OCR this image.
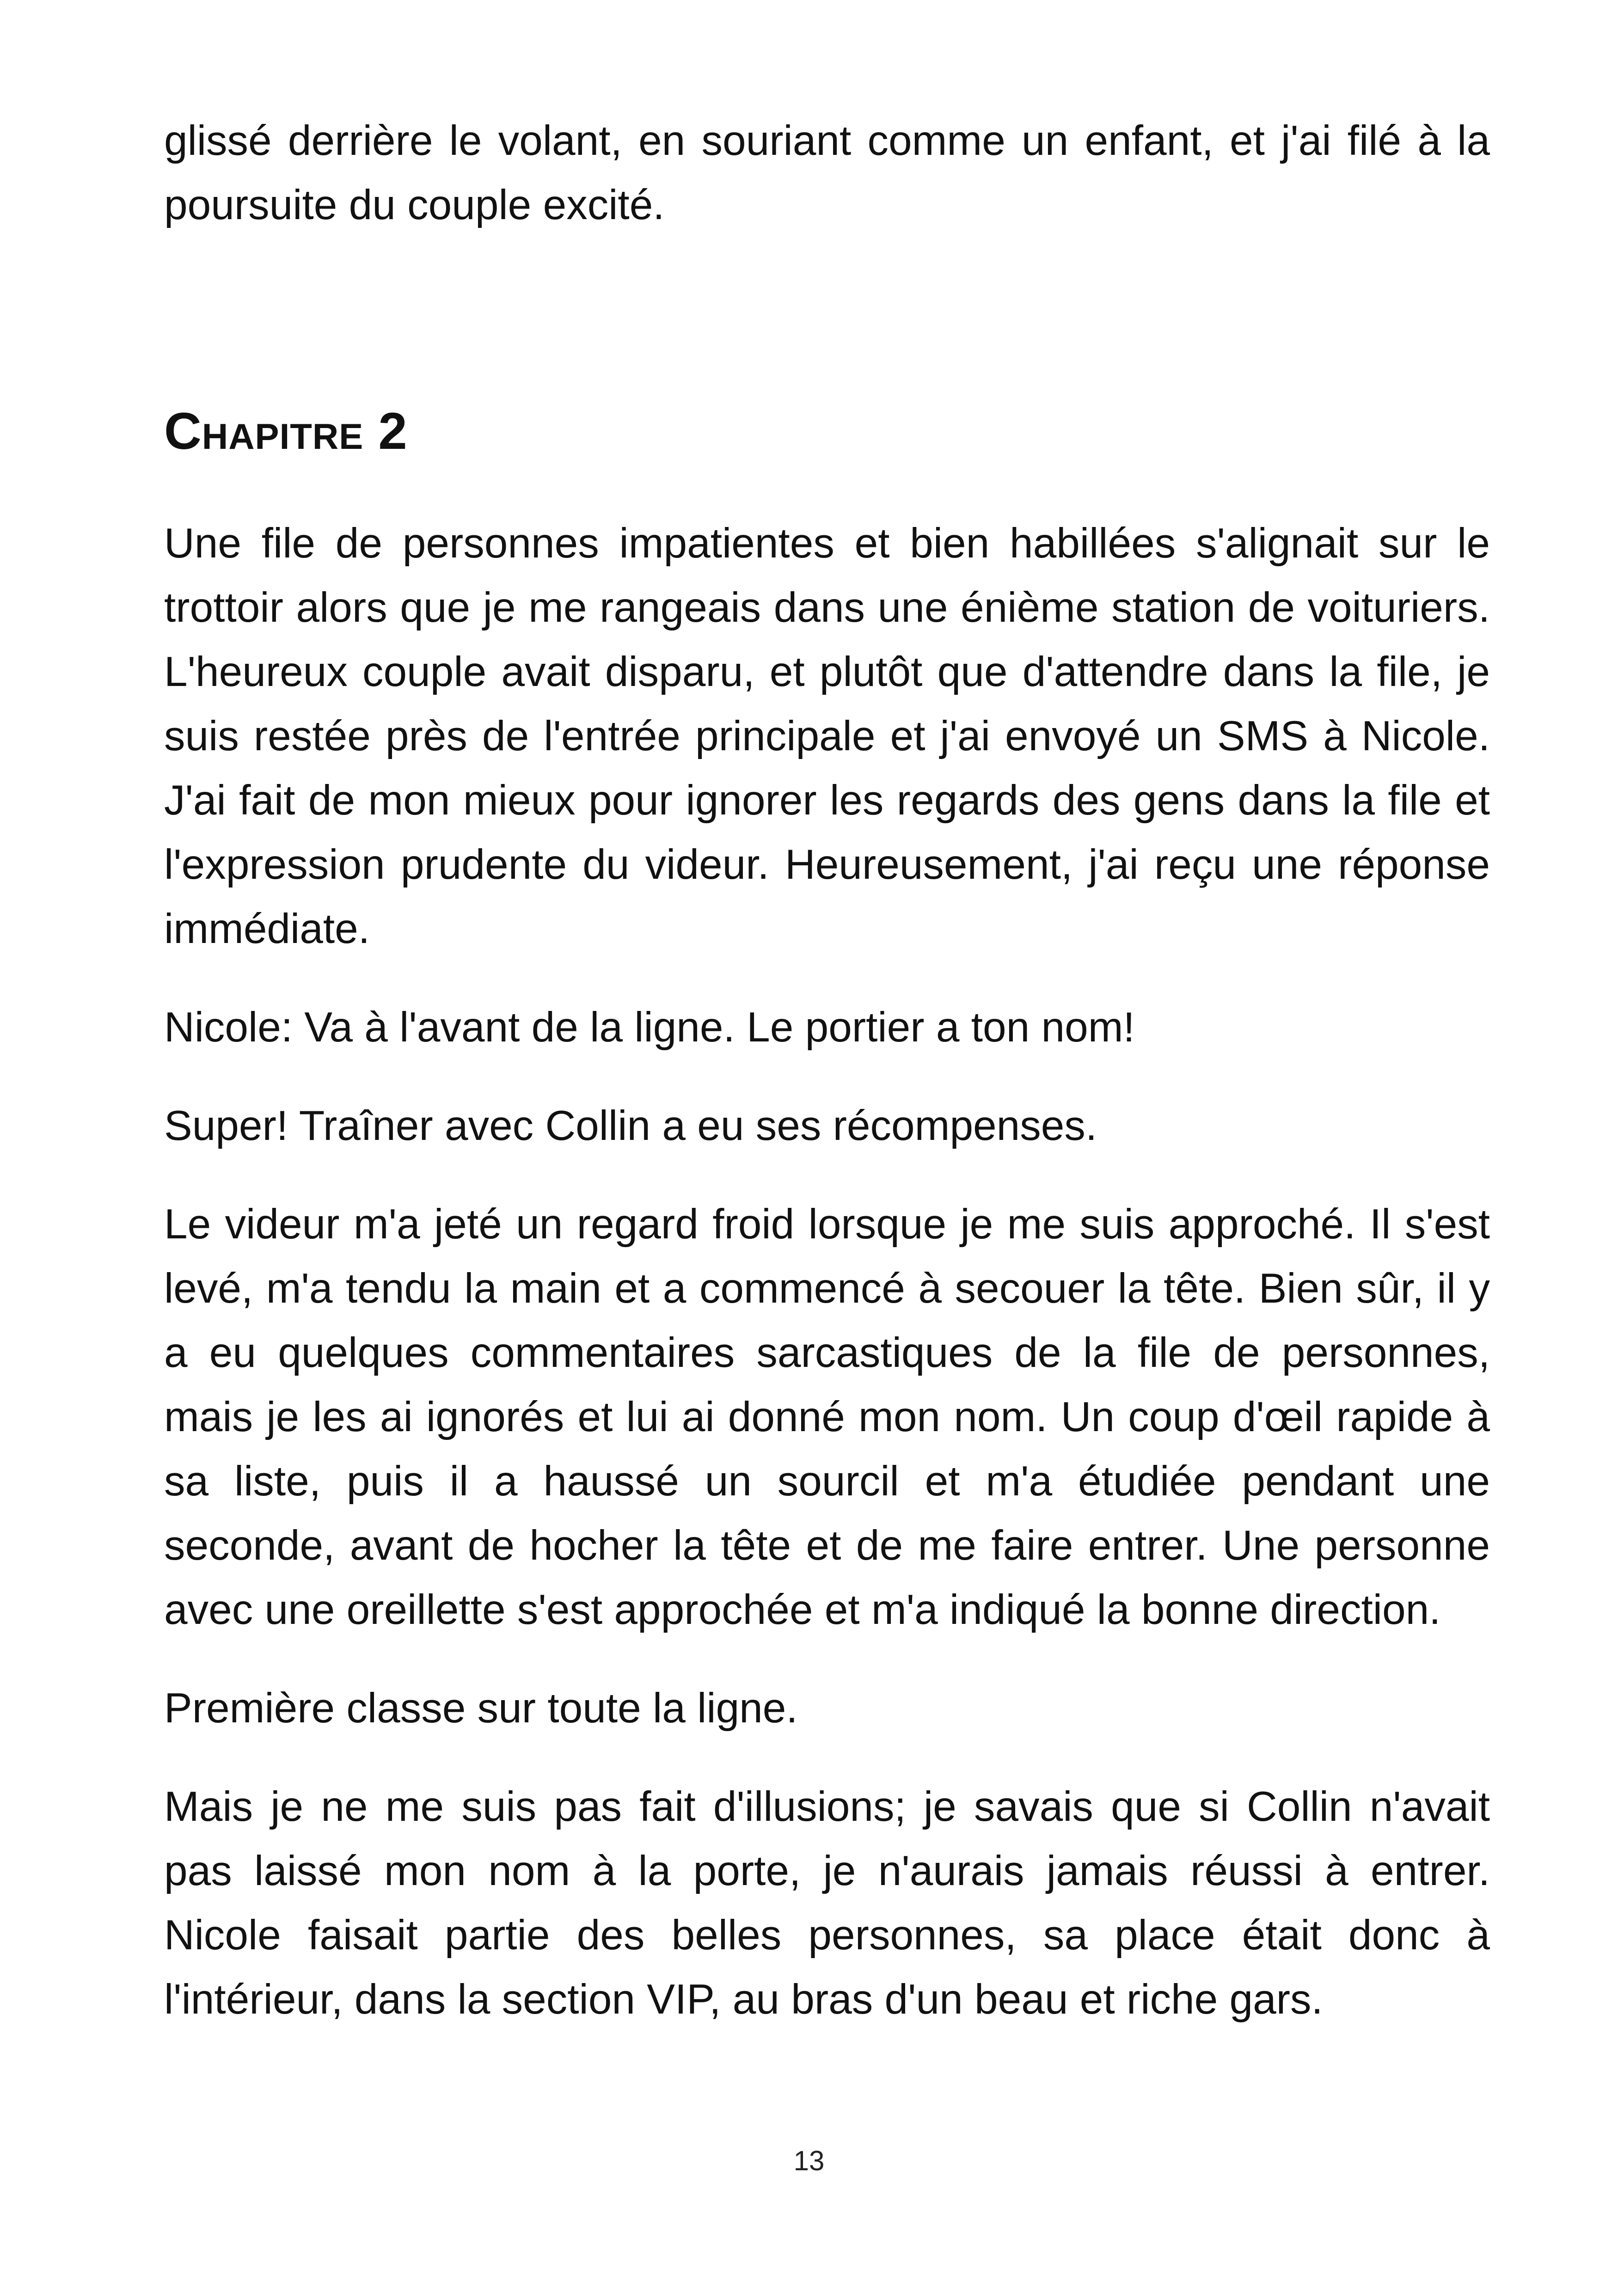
glissé derrière le volant, en souriant comme un enfant, et j'ai filé à la poursuite du couple excité.

Chapitre 2

Une file de personnes impatientes et bien habillées s'alignait sur le trottoir alors que je me rangeais dans une énième station de voituriers. L'heureux couple avait disparu, et plutôt que d'attendre dans la file, je suis restée près de l'entrée principale et j'ai envoyé un SMS à Nicole. J'ai fait de mon mieux pour ignorer les regards des gens dans la file et l'expression prudente du videur. Heureusement, j'ai reçu une réponse immédiate.

Nicole: Va à l'avant de la ligne. Le portier a ton nom!

Super! Traîner avec Collin a eu ses récompenses.

Le videur m'a jeté un regard froid lorsque je me suis approché. Il s'est levé, m'a tendu la main et a commencé à secouer la tête. Bien sûr, il y a eu quelques commentaires sarcastiques de la file de personnes, mais je les ai ignorés et lui ai donné mon nom. Un coup d'œil rapide à sa liste, puis il a haussé un sourcil et m'a étudiée pendant une seconde, avant de hocher la tête et de me faire entrer. Une personne avec une oreillette s'est approchée et m'a indiqué la bonne direction.

Première classe sur toute la ligne.

Mais je ne me suis pas fait d'illusions; je savais que si Collin n'avait pas laissé mon nom à la porte, je n'aurais jamais réussi à entrer. Nicole faisait partie des belles personnes, sa place était donc à l'intérieur, dans la section VIP, au bras d'un beau et riche gars.

13
